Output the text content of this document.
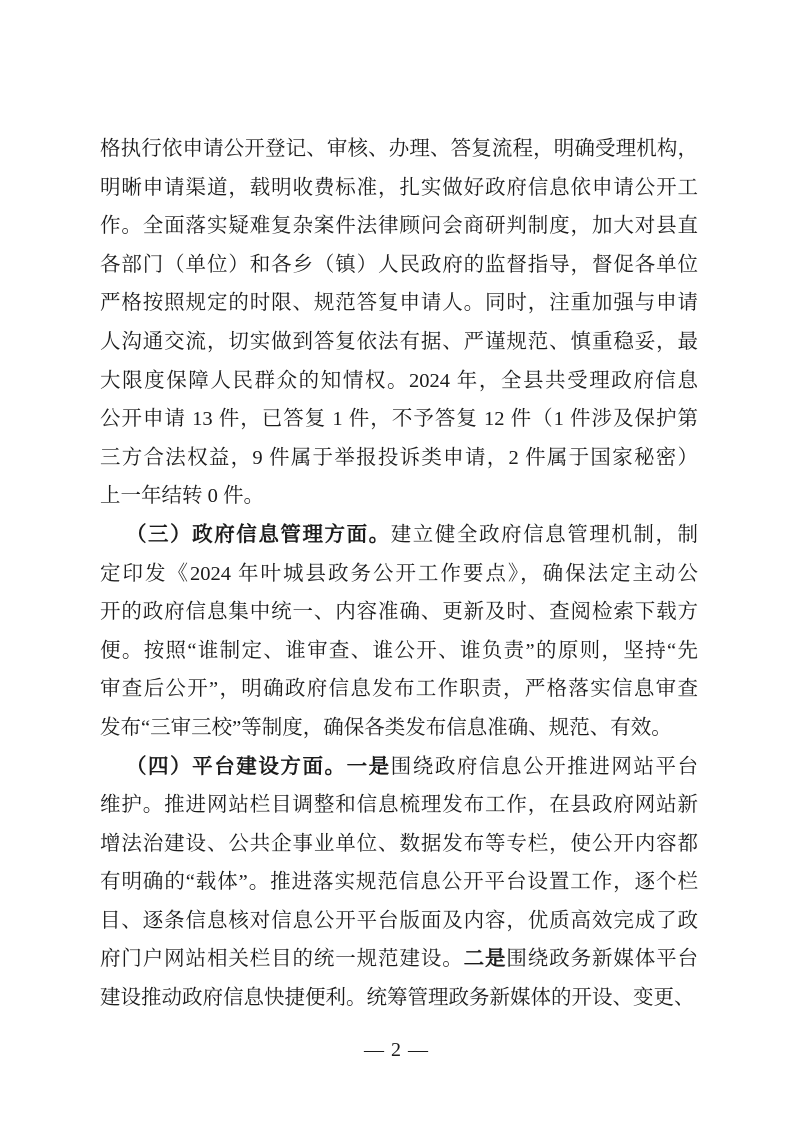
格执行依申请公开登记、审核、办理、答复流程，明确受理机构，
明晰申请渠道，载明收费标准，扎实做好政府信息依申请公开工
作。全面落实疑难复杂案件法律顾问会商研判制度，加大对县直
各部门（单位）和各乡（镇）人民政府的监督指导，督促各单位
严格按照规定的时限、规范答复申请人。同时，注重加强与申请
人沟通交流，切实做到答复依法有据、严谨规范、慎重稳妥，最
大限度保障人民群众的知情权。2024 年，全县共受理政府信息
公开申请 13 件，已答复 1 件，不予答复 12 件（1 件涉及保护第
三方合法权益，9 件属于举报投诉类申请，2 件属于国家秘密）
上一年结转 0 件。
（三）政府信息管理方面。建立健全政府信息管理机制，制
定印发《2024 年叶城县政务公开工作要点》，确保法定主动公
开的政府信息集中统一、内容准确、更新及时、查阅检索下载方
便。按照“谁制定、谁审查、谁公开、谁负责”的原则，坚持“先
审查后公开”，明确政府信息发布工作职责，严格落实信息审查
发布“三审三校”等制度，确保各类发布信息准确、规范、有效。
（四）平台建设方面。一是围绕政府信息公开推进网站平台
维护。推进网站栏目调整和信息梳理发布工作，在县政府网站新
增法治建设、公共企事业单位、数据发布等专栏，使公开内容都
有明确的“载体”。推进落实规范信息公开平台设置工作，逐个栏
目、逐条信息核对信息公开平台版面及内容，优质高效完成了政
府门户网站相关栏目的统一规范建设。二是围绕政务新媒体平台
建设推动政府信息快捷便利。统筹管理政务新媒体的开设、变更、
— 2 —
